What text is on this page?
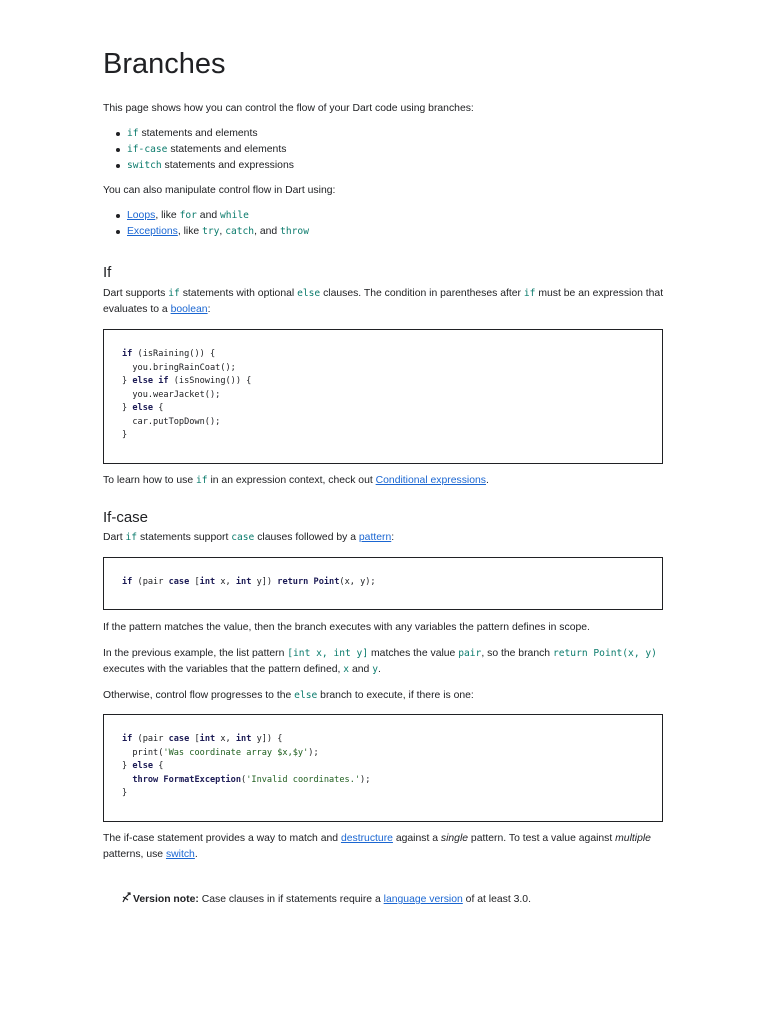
Branches

This page shows how you can control the flow of your Dart code using branches:

if statements and elements
if-case statements and elements
switch statements and expressions

You can also manipulate control flow in Dart using:

Loops, like for and while
Exceptions, like try, catch, and throw
If

Dart supports if statements with optional else clauses. The condition in parentheses after if must be an expression that evaluates to a boolean:

if (isRaining()) {
you.bringRainCoat();
} else if (isSnowing()) {
you.wearJacket();
} else {
car.putTopDown();
}

To learn how to use if in an expression context, check out Conditional expressions.

If-case

Dart if statements support case clauses followed by a pattern:

if (pair case [int x, int y]) return Point(x, y);

If the pattern matches the value, then the branch executes with any variables the pattern defines in scope.

In the previous example, the list pattern [int x, int y] matches the value pair, so the branch return Point(x, y) executes with the variables that the pattern defined, x and y.

Otherwise, control flow progresses to the else branch to execute, if there is one:

if (pair case [int x, int y]) {
print('Was coordinate array $x,$y');
} else {
throw FormatException('Invalid coordinates.');
}

The if-case statement provides a way to match and destructure against a single pattern. To test a value against multiple patterns, use switch.

Version note: Case clauses in if statements require a language version of at least 3.0.
